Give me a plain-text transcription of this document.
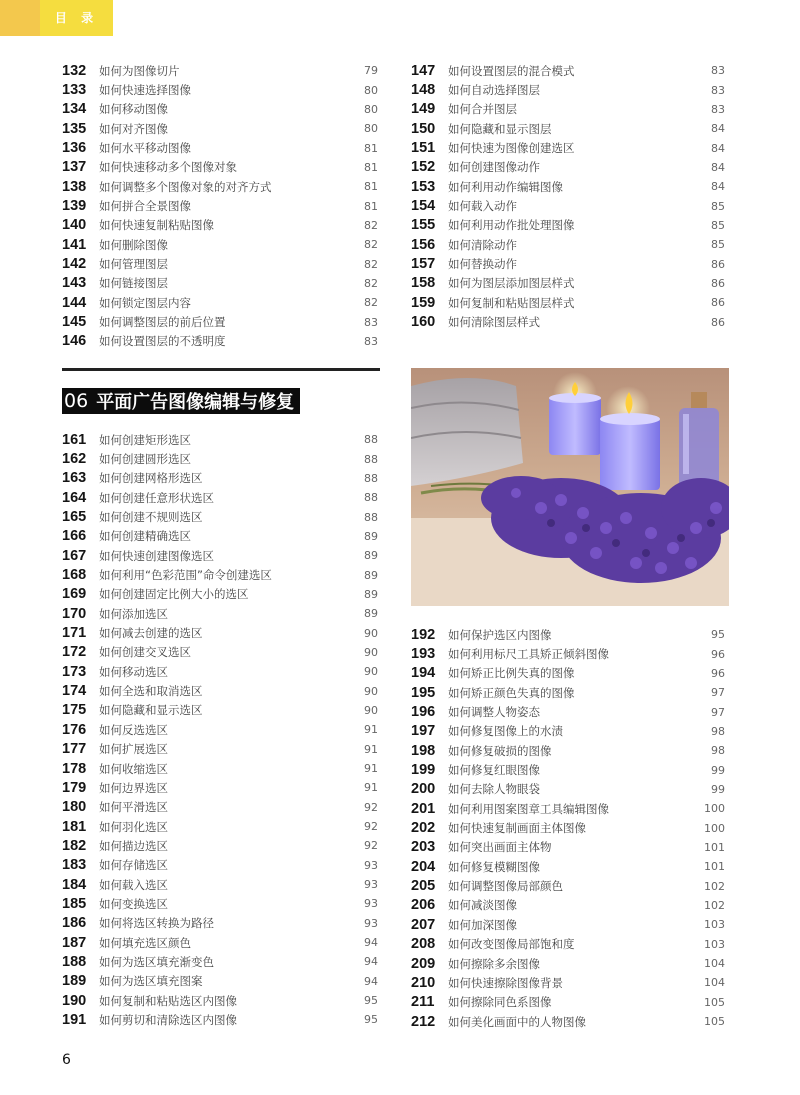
目 录
132	如何为图像切片	79
133	如何快速选择图像	80
134	如何移动图像	80
135	如何对齐图像	80
136	如何水平移动图像	81
137	如何快速移动多个图像对象	81
138	如何调整多个图像对象的对齐方式	81
139	如何拼合全景图像	81
140	如何快速复制粘贴图像	82
141	如何删除图像	82
142	如何管理图层	82
143	如何链接图层	82
144	如何锁定图层内容	82
145	如何调整图层的前后位置	83
146	如何设置图层的不透明度	83
147	如何设置图层的混合模式	83
148	如何自动选择图层	83
149	如何合并图层	83
150	如何隐藏和显示图层	84
151	如何快速为图像创建选区	84
152	如何创建图像动作	84
153	如何利用动作编辑图像	84
154	如何载入动作	85
155	如何利用动作批处理图像	85
156	如何清除动作	85
157	如何替换动作	86
158	如何为图层添加图层样式	86
159	如何复制和粘贴图层样式	86
160	如何清除图层样式	86
06 平面广告图像编辑与修复
161	如何创建矩形选区	88
162	如何创建圆形选区	88
163	如何创建网格形选区	88
164	如何创建任意形状选区	88
165	如何创建不规则选区	88
166	如何创建精确选区	89
167	如何快速创建图像选区	89
168	如何利用“色彩范围”命令创建选区	89
169	如何创建固定比例大小的选区	89
170	如何添加选区	89
171	如何减去创建的选区	90
172	如何创建交叉选区	90
173	如何移动选区	90
174	如何全选和取消选区	90
175	如何隐藏和显示选区	90
176	如何反选选区	91
177	如何扩展选区	91
178	如何收缩选区	91
179	如何边界选区	91
180	如何平滑选区	92
181	如何羽化选区	92
182	如何描边选区	92
183	如何存储选区	93
184	如何载入选区	93
185	如何变换选区	93
186	如何将选区转换为路径	93
187	如何填充选区颜色	94
188	如何为选区填充渐变色	94
189	如何为选区填充图案	94
190	如何复制和粘贴选区内图像	95
191	如何剪切和清除选区内图像	95
192	如何保护选区内图像	95
193	如何利用标尺工具矫正倾斜图像	96
194	如何矫正比例失真的图像	96
195	如何矫正颜色失真的图像	97
196	如何调整人物姿态	97
197	如何修复图像上的水渍	98
198	如何修复破损的图像	98
199	如何修复红眼图像	99
200	如何去除人物眼袋	99
201	如何利用图案图章工具编辑图像	100
202	如何快速复制画面主体图像	100
203	如何突出画面主体物	101
204	如何修复模糊图像	101
205	如何调整图像局部颜色	102
206	如何减淡图像	102
207	如何加深图像	103
208	如何改变图像局部饱和度	103
209	如何擦除多余图像	104
210	如何快速擦除图像背景	104
211	如何擦除同色系图像	105
212	如何美化画面中的人物图像	105
6
